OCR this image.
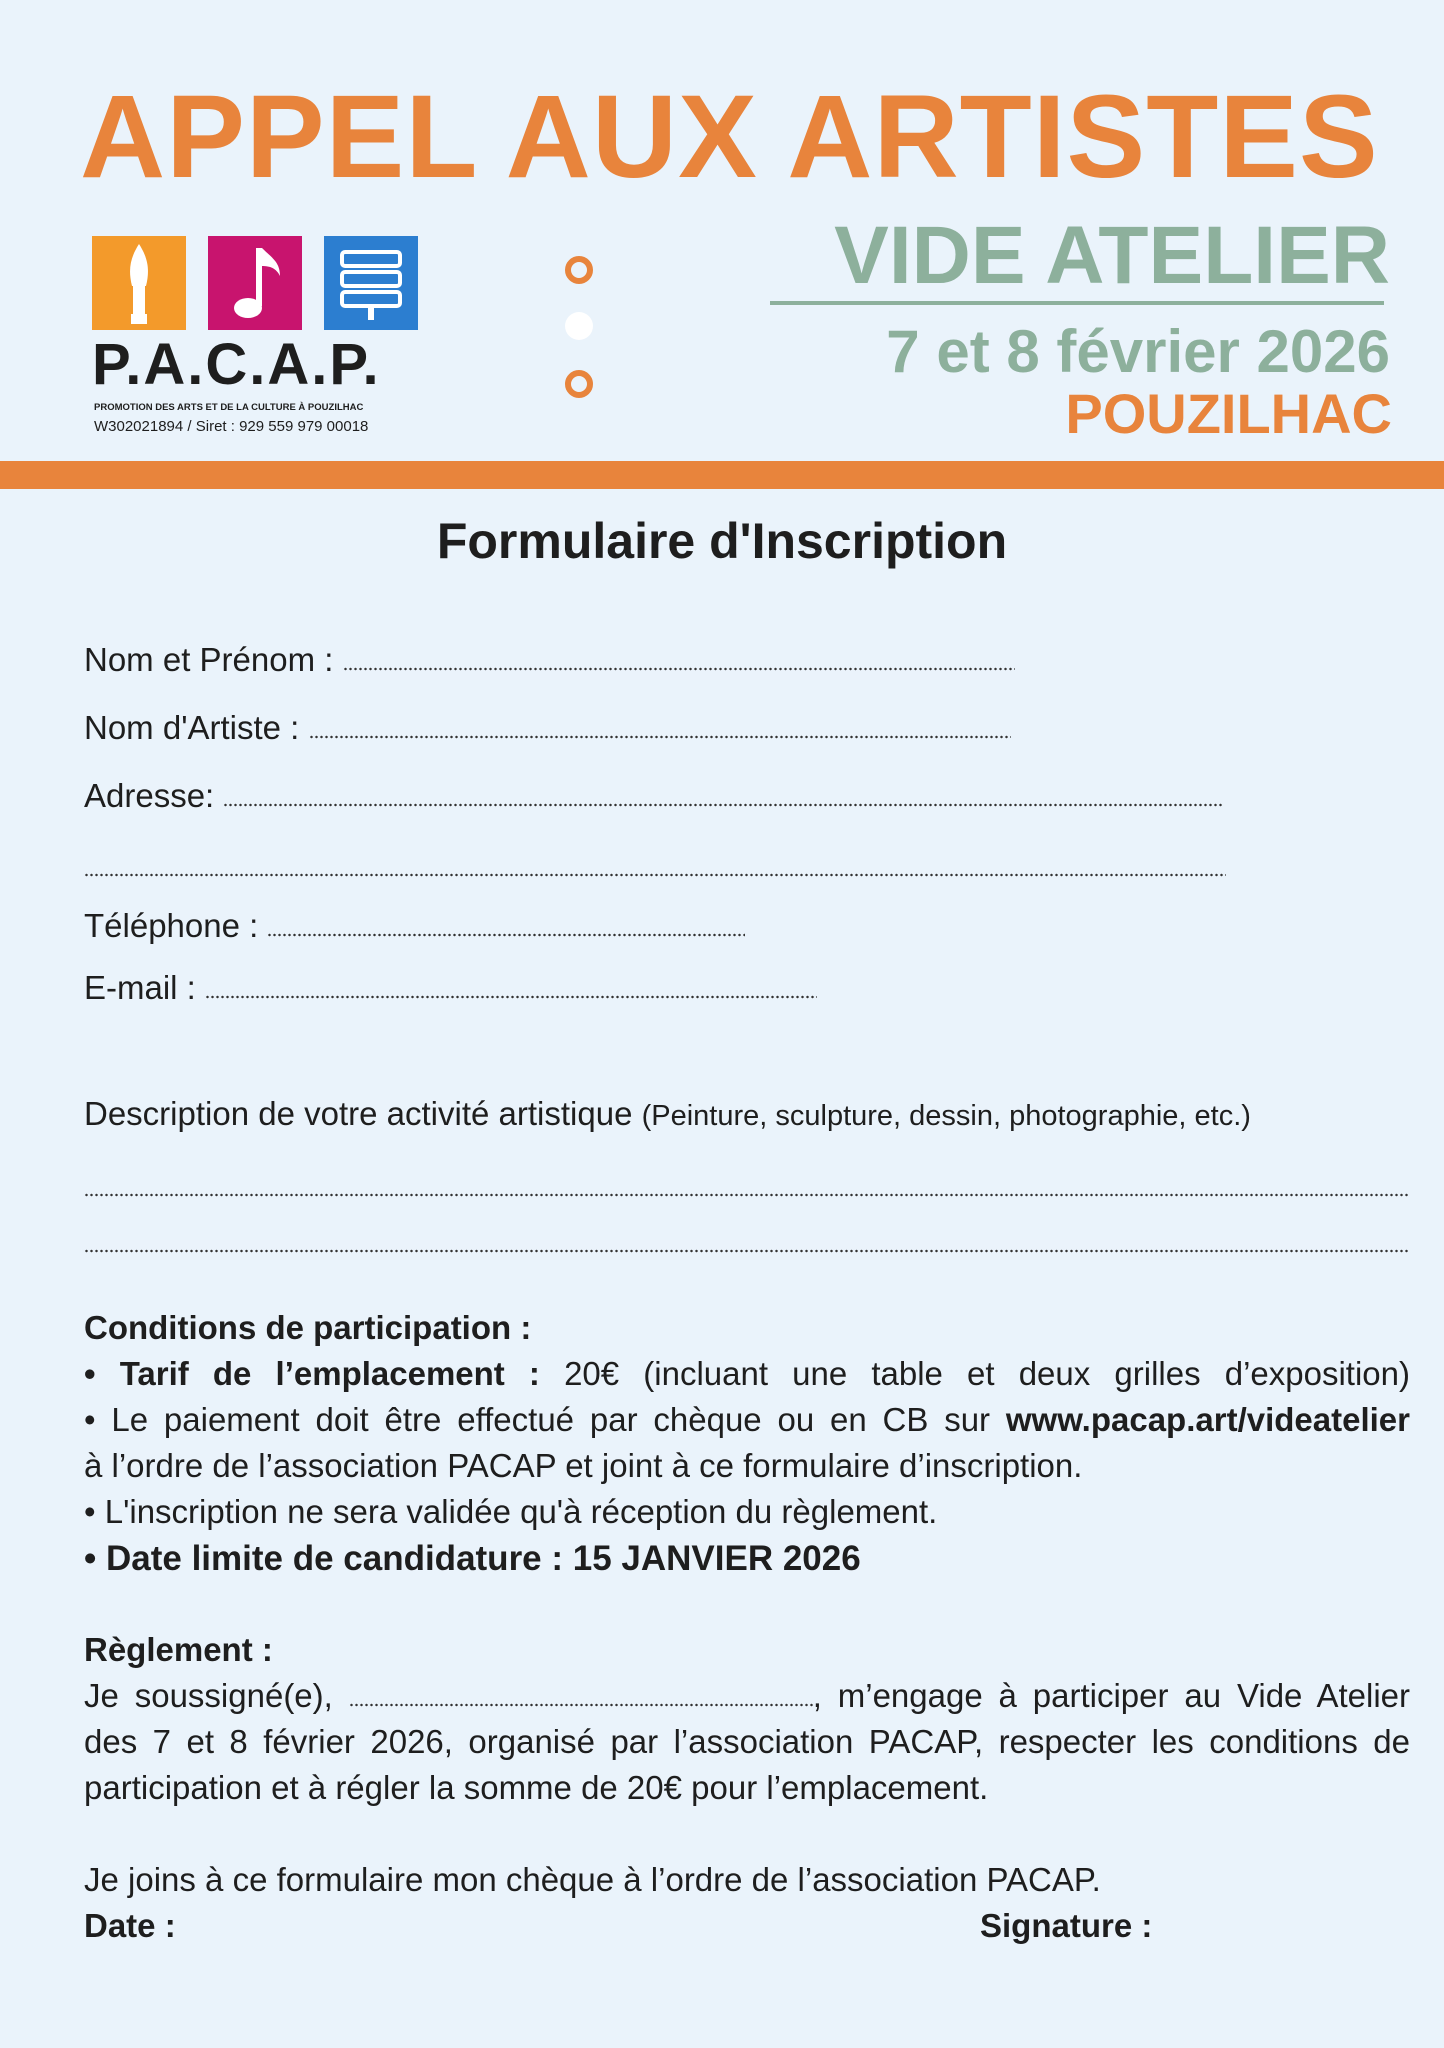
APPEL AUX ARTISTES
P.A.C.A.P.
PROMOTION DES ARTS ET DE LA CULTURE À POUZILHAC
W302021894 / Siret : 929 559 979 00018
VIDE ATELIER
7 et 8 février 2026
POUZILHAC
Formulaire d'Inscription
Nom et Prénom :
Nom d'Artiste :
Adresse:
Téléphone :
E-mail :
Description de votre activité artistique (Peinture, sculpture, dessin, photographie, etc.)
Conditions de participation :
• Tarif de l’emplacement : 20€ (incluant une table et deux grilles d’exposition)
• Le paiement doit être effectué par chèque ou en CB sur www.pacap.art/videatelier
à l’ordre de l’association PACAP et joint à ce formulaire d’inscription.
• L'inscription ne sera validée qu'à réception du règlement.
• Date limite de candidature : 15 JANVIER 2026
Règlement :
Je soussigné(e),	, m’engage à participer au Vide Atelier
des 7 et 8 février 2026, organisé par l’association PACAP, respecter les conditions de
participation et à régler la somme de 20€ pour l’emplacement.
Je joins à ce formulaire mon chèque à l’ordre de l’association PACAP.
Date :	Signature :
